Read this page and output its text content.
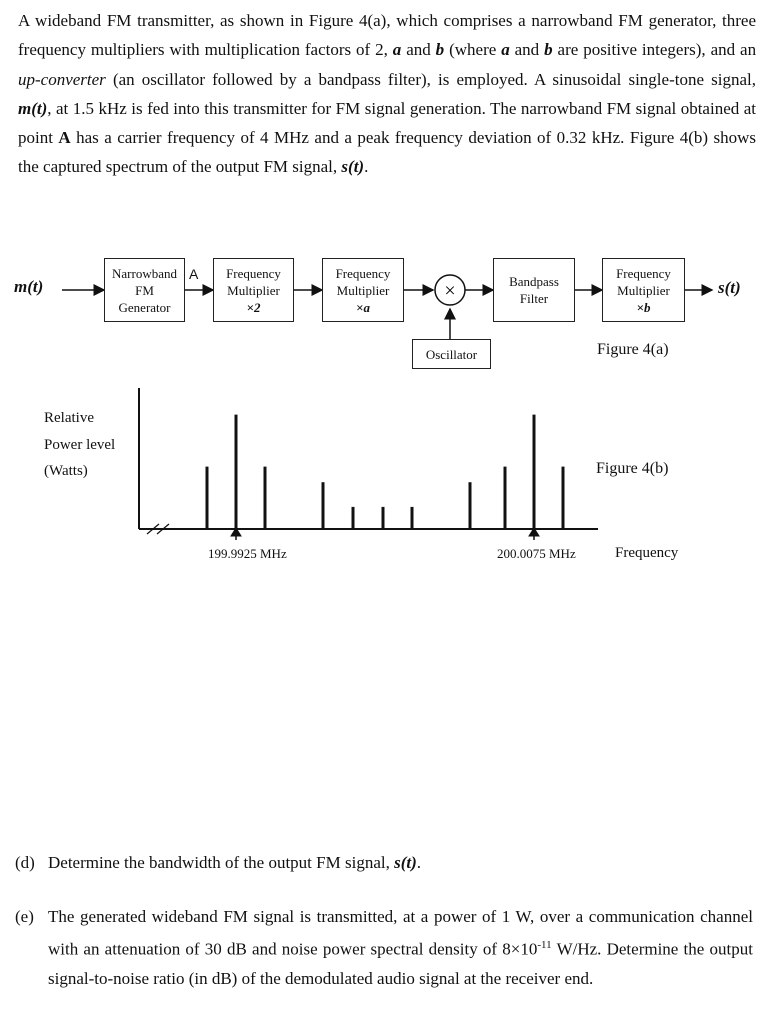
A wideband FM transmitter, as shown in Figure 4(a), which comprises a narrowband FM generator, three frequency multipliers with multiplication factors of 2, a and b (where a and b are positive integers), and an up-converter (an oscillator followed by a bandpass filter), is employed. A sinusoidal single-tone signal, m(t), at 1.5 kHz is fed into this transmitter for FM signal generation. The narrowband FM signal obtained at point A has a carrier frequency of 4 MHz and a peak frequency deviation of 0.32 kHz. Figure 4(b) shows the captured spectrum of the output FM signal, s(t).

×
m(t)
A
s(t)
Narrowband
FM
Generator
Frequency
Multiplier
×2
Frequency
Multiplier
×a
Bandpass
Filter
Frequency
Multiplier
×b
Oscillator	Figure 4(a)
Relative
Power level
(Watts)
199.9925 MHz	200.0075 MHz	Frequency
Figure 4(b)
(d) Determine the bandwidth of the output FM signal, s(t).

(e) The generated wideband FM signal is transmitted, at a power of 1 W, over a communication channel with an attenuation of 30 dB and noise power spectral density of $8\times 10^{-11}$ W/Hz. Determine the output signal-to-noise ratio (in dB) of the demodulated audio signal at the receiver end.
